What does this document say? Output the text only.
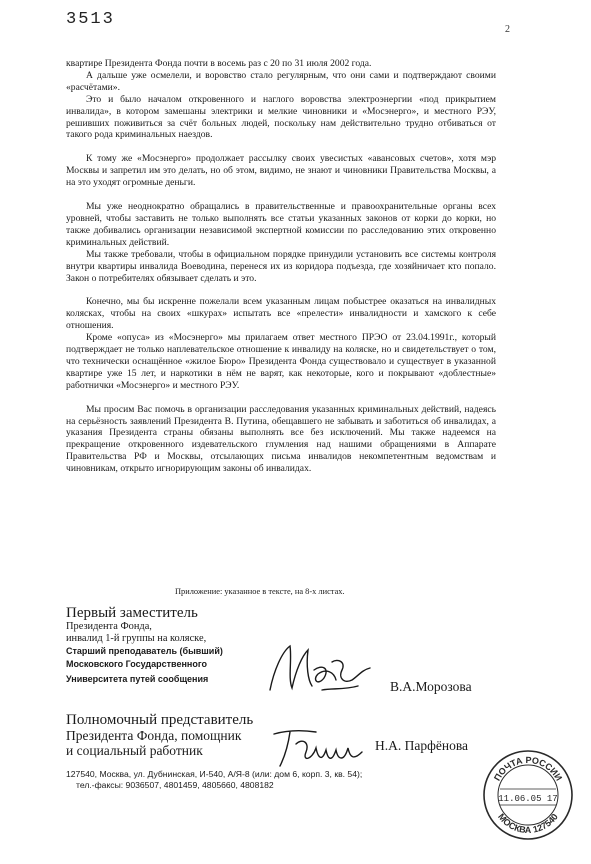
3513
2

квартире Президента Фонда почти в восемь раз с 20 по 31 июля 2002 года.

А дальше уже осмелели, и воровство стало регулярным, что они сами и подтверждают своими «расчётами».

Это и было началом откровенного и наглого воровства электроэнергии «под прикрытием инвалида», в котором замешаны электрики и мелкие чиновники и «Мосэнерго», и местного РЭУ, решивших поживиться за счёт больных людей, поскольку нам действительно трудно отбиваться от такого рода криминальных наездов.

К тому же «Мосэнерго» продолжает рассылку своих увесистых «авансовых счетов», хотя мэр Москвы и запретил им это делать, но об этом, видимо, не знают и чиновники Правительства Москвы, а на это уходят огромные деньги.

Мы уже неоднократно обращались в правительственные и правоохранительные органы всех уровней, чтобы заставить не только выполнять все статьи указанных законов от корки до корки, но также добивались организации независимой экспертной комиссии по расследованию этих откровенно криминальных действий.

Мы также требовали, чтобы в официальном порядке принудили установить все системы контроля внутри квартиры инвалида Воеводина, перенеся их из коридора подъезда, где хозяйничает кто попало. Закон о потребителях обязывает сделать и это.

Конечно, мы бы искренне пожелали всем указанным лицам побыстрее оказаться на инвалидных колясках, чтобы на своих «шкурах» испытать все «прелести» инвалидности и хамского к себе отношения.

Кроме «опуса» из «Мосэнерго» мы прилагаем ответ местного ПРЭО от 23.04.1991г., который подтверждает не только наплевательское отношение к инвалиду на коляске, но и свидетельствует о том, что технически оснащённое «жилое Бюро» Президента Фонда существовало и существует в указанной квартире уже 15 лет, и наркотики в нём не варят, как некоторые, кого и покрывают «доблестные» работнички «Мосэнерго» и местного РЭУ.

Мы просим Вас помочь в организации расследования указанных криминальных действий, надеясь на серьёзность заявлений Президента В. Путина, обещавшего не забывать и заботиться об инвалидах, а указания Президента страны обязаны выполнять все без исключений. Мы также надеемся на прекращение откровенного издевательского глумления над нашими обращениями в Аппарате Правительства РФ и Москвы, отсылающих письма инвалидов некомпетентным ведомствам и чиновникам, открыто игнорирующим законы об инвалидах.

Приложение: указанное в тексте, на 8-х листах.
Первый заместитель
Президента Фонда,
инвалид 1-й группы на коляске,
Старший преподаватель (бывший)
Московского Государственного
Университета путей сообщения
В.А.Морозова
Полномочный представитель
Президента Фонда, помощник
и социальный работник	Н.А. Парфёнова
127540, Москва, ул. Дубнинская, И-540, А/Я-8 (или: дом 6, корп. 3, кв. 54);
тел.-факсы: 9036507, 4801459, 4805660, 4808182
ПОЧТА РОССИИ
11.06.05 17
МОСКВА 127540
